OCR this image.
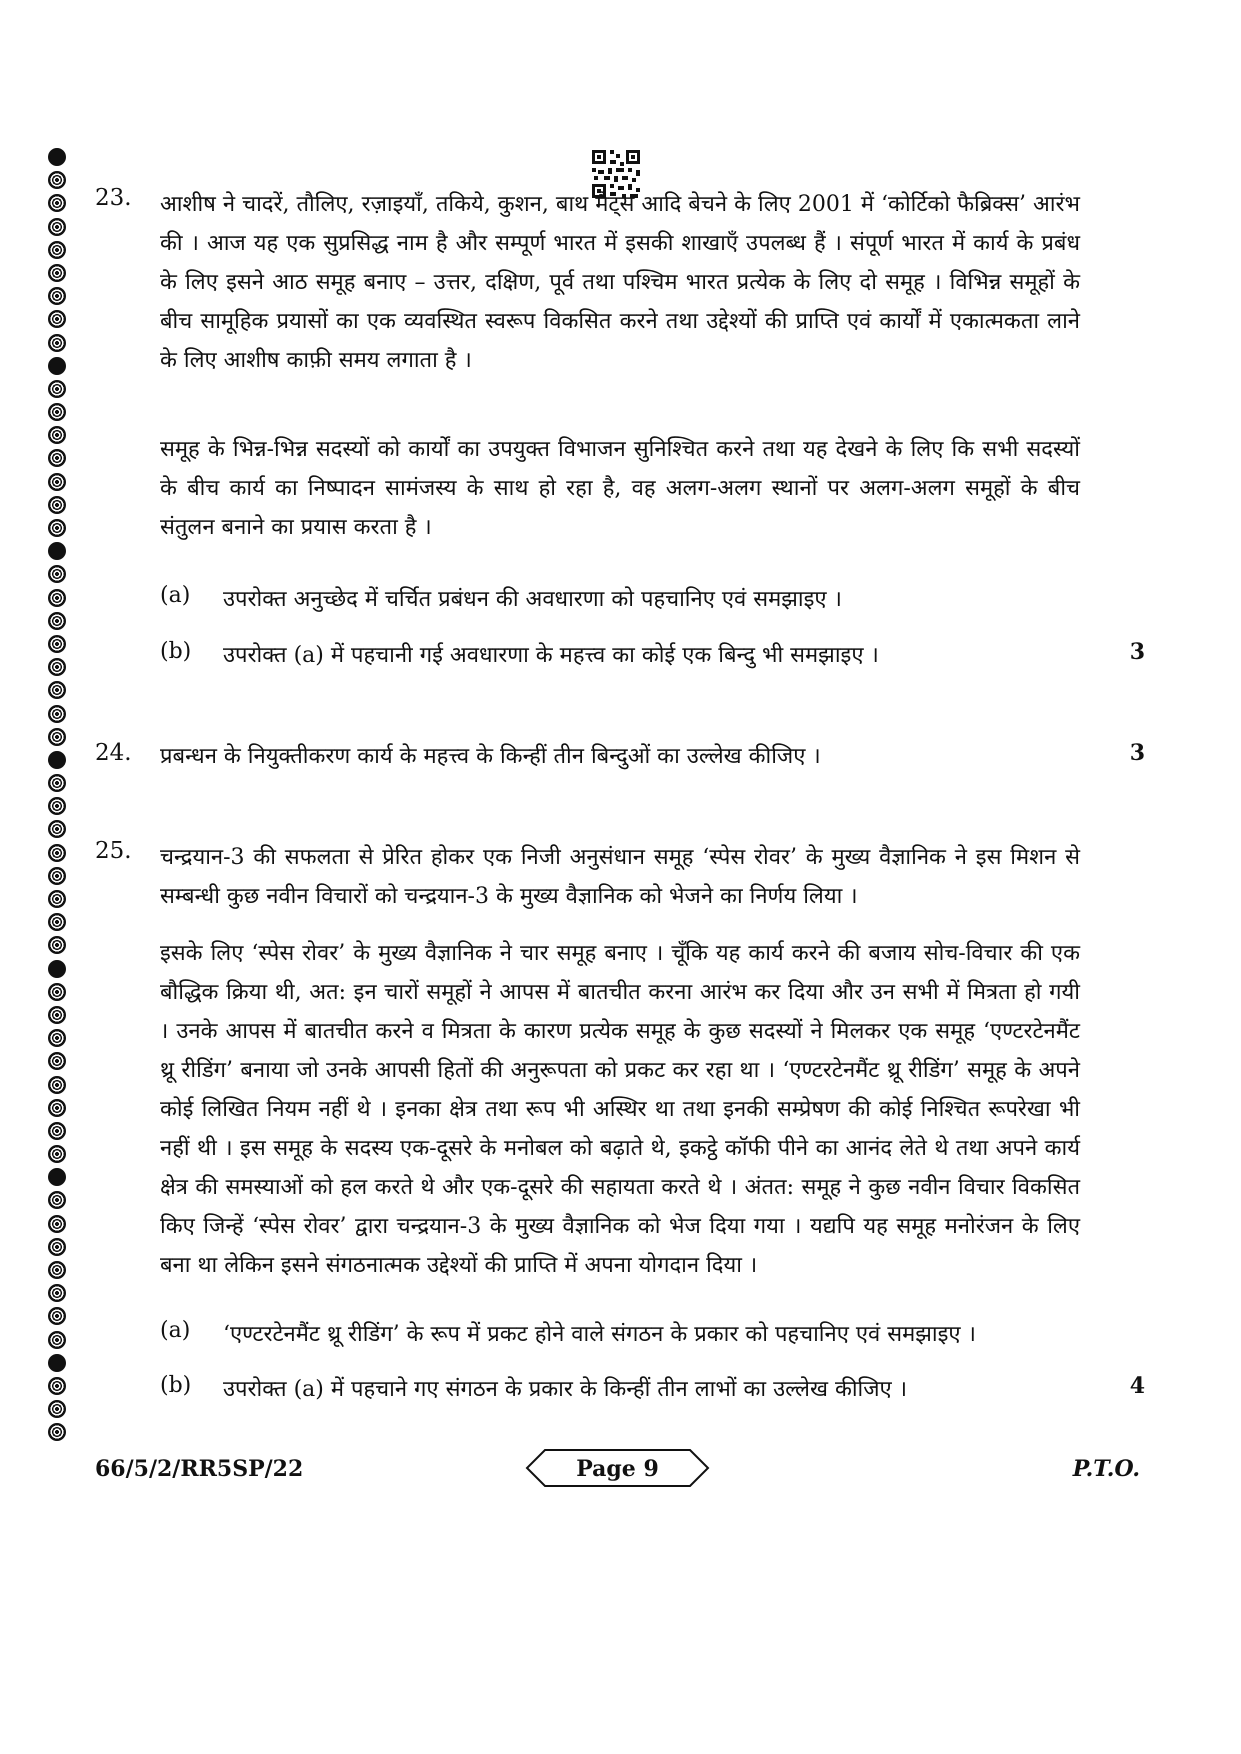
23.	आशीष ने चादरें, तौलिए, रज़ाइयाँ, तकिये, कुशन, बाथ मैट्स आदि बेचने के लिए 2001 में ‘कोर्टिको फैब्रिक्स’ आरंभ की । आज यह एक सुप्रसिद्ध नाम है और सम्पूर्ण भारत में इसकी शाखाएँ उपलब्ध हैं । संपूर्ण भारत में कार्य के प्रबंध के लिए इसने आठ समूह बनाए – उत्तर, दक्षिण, पूर्व तथा पश्चिम भारत प्रत्येक के लिए दो समूह । विभिन्न समूहों के बीच सामूहिक प्रयासों का एक व्यवस्थित स्वरूप विकसित करने तथा उद्देश्यों की प्राप्ति एवं कार्यों में एकात्मकता लाने के लिए आशीष काफ़ी समय लगाता है ।

समूह के भिन्न-भिन्न सदस्यों को कार्यों का उपयुक्त विभाजन सुनिश्चित करने तथा यह देखने के लिए कि सभी सदस्यों के बीच कार्य का निष्पादन सामंजस्य के साथ हो रहा है, वह अलग-अलग स्थानों पर अलग-अलग समूहों के बीच संतुलन बनाने का प्रयास करता है ।

(a)	उपरोक्त अनुच्छेद में चर्चित प्रबंधन की अवधारणा को पहचानिए एवं समझाइए ।
(b)	उपरोक्त (a) में पहचानी गई अवधारणा के महत्त्व का कोई एक बिन्दु भी समझाइए ।	3
24.	प्रबन्धन के नियुक्तीकरण कार्य के महत्त्व के किन्हीं तीन बिन्दुओं का उल्लेख कीजिए ।	3
25.	चन्द्रयान-3 की सफलता से प्रेरित होकर एक निजी अनुसंधान समूह ‘स्पेस रोवर’ के मुख्य वैज्ञानिक ने इस मिशन से सम्बन्धी कुछ नवीन विचारों को चन्द्रयान-3 के मुख्य वैज्ञानिक को भेजने का निर्णय लिया ।

इसके लिए ‘स्पेस रोवर’ के मुख्य वैज्ञानिक ने चार समूह बनाए । चूँकि यह कार्य करने की बजाय सोच-विचार की एक बौद्धिक क्रिया थी, अत: इन चारों समूहों ने आपस में बातचीत करना आरंभ कर दिया और उन सभी में मित्रता हो गयी । उनके आपस में बातचीत करने व मित्रता के कारण प्रत्येक समूह के कुछ सदस्यों ने मिलकर एक समूह ‘एण्टरटेनमैंट थ्रू रीडिंग’ बनाया जो उनके आपसी हितों की अनुरूपता को प्रकट कर रहा था । ‘एण्टरटेनमैंट थ्रू रीडिंग’ समूह के अपने कोई लिखित नियम नहीं थे । इनका क्षेत्र तथा रूप भी अस्थिर था तथा इनकी सम्प्रेषण की कोई निश्चित रूपरेखा भी नहीं थी । इस समूह के सदस्य एक-दूसरे के मनोबल को बढ़ाते थे, इकट्ठे कॉफी पीने का आनंद लेते थे तथा अपने कार्य क्षेत्र की समस्याओं को हल करते थे और एक-दूसरे की सहायता करते थे । अंतत: समूह ने कुछ नवीन विचार विकसित किए जिन्हें ‘स्पेस रोवर’ द्वारा चन्द्रयान-3 के मुख्य वैज्ञानिक को भेज दिया गया । यद्यपि यह समूह मनोरंजन के लिए बना था लेकिन इसने संगठनात्मक उद्देश्यों की प्राप्ति में अपना योगदान दिया ।

(a)	‘एण्टरटेनमैंट थ्रू रीडिंग’ के रूप में प्रकट होने वाले संगठन के प्रकार को पहचानिए एवं समझाइए ।
(b)	उपरोक्त (a) में पहचाने गए संगठन के प्रकार के किन्हीं तीन लाभों का उल्लेख कीजिए ।	4
66/5/2/RR5SP/22	Page 9	P.T.O.
